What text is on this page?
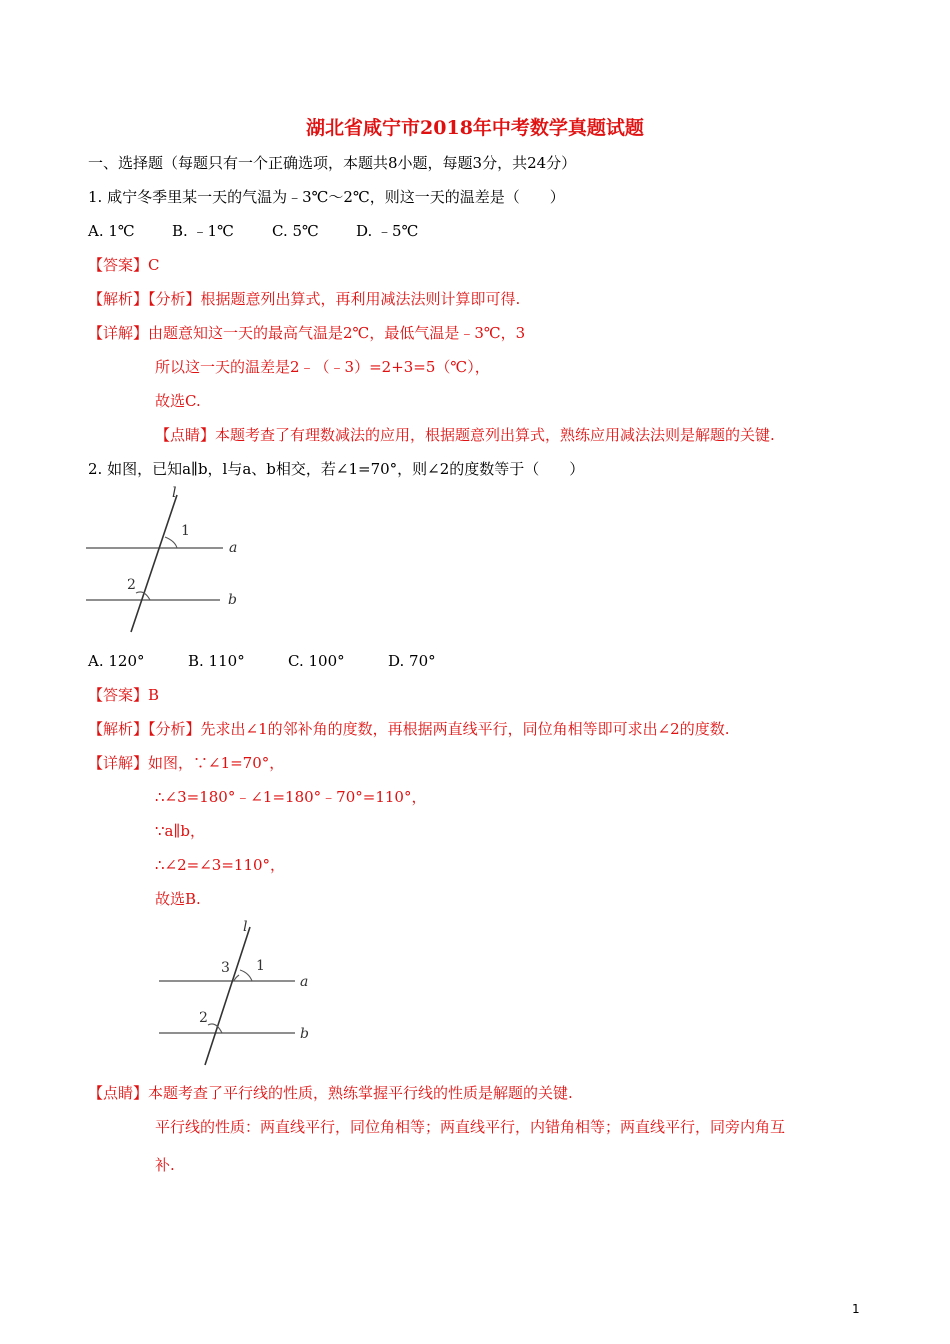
湖北省咸宁市2018年中考数学真题试题
一、选择题（每题只有一个正确选项，本题共8小题，每题3分，共24分）
1. 咸宁冬季里某一天的气温为﹣3℃～2℃，则这一天的温差是（　　）
A. 1℃ B. ﹣1℃	C. 5℃ D. ﹣5℃
【答案】C
【解析】【分析】根据题意列出算式，再利用减法法则计算即可得.
【详解】由题意知这一天的最高气温是2℃，最低气温是﹣3℃，3
所以这一天的温差是2﹣（﹣3）=2+3=5（℃），
故选C.
【点睛】本题考查了有理数减法的应用，根据题意列出算式，熟练应用减法法则是解题的关键.
2. 如图，已知a∥b，l与a、b相交，若∠1=70°，则∠2的度数等于（　　）
l
1
a
2
b
A. 120°	B. 110°	C. 100°	D. 70°
【答案】B
【解析】【分析】先求出∠1的邻补角的度数，再根据两直线平行，同位角相等即可求出∠2的度数.
【详解】如图，∵∠1=70°，
∴∠3=180°﹣∠1=180°﹣70°=110°，
∵a∥b，
∴∠2=∠3=110°，
故选B.
l
3 1
a
2
b
【点睛】本题考查了平行线的性质，熟练掌握平行线的性质是解题的关键.
平行线的性质：两直线平行，同位角相等；两直线平行，内错角相等；两直线平行，同旁内角互
补.
1
